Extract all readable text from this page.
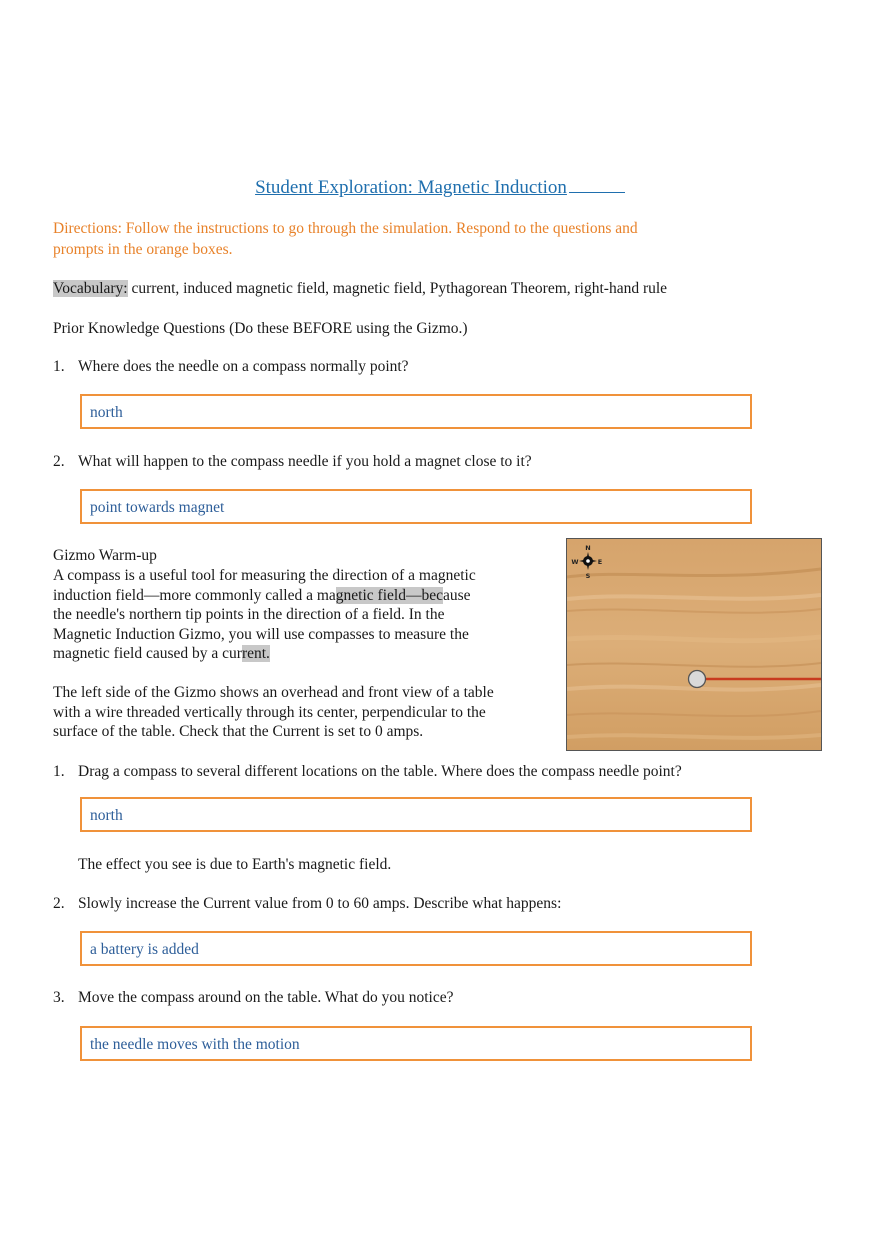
Student Exploration: Magnetic Induction
Directions: Follow the instructions to go through the simulation. Respond to the questions and prompts in the orange boxes.
Vocabulary: current, induced magnetic field, magnetic field, Pythagorean Theorem, right-hand rule
Prior Knowledge Questions (Do these BEFORE using the Gizmo.)
1. Where does the needle on a compass normally point?
north
2. What will happen to the compass needle if you hold a magnet close to it?
point towards magnet
Gizmo Warm-up
A compass is a useful tool for measuring the direction of a magnetic induction field—more commonly called a magnetic field—because the needle's northern tip points in the direction of a field. In the Magnetic Induction Gizmo, you will use compasses to measure the magnetic field caused by a current.
The left side of the Gizmo shows an overhead and front view of a table with a wire threaded vertically through its center, perpendicular to the surface of the table. Check that the Current is set to 0 amps.
N
S
E
W
1. Drag a compass to several different locations on the table. Where does the compass needle point?
north
The effect you see is due to Earth's magnetic field.
2. Slowly increase the Current value from 0 to 60 amps. Describe what happens:
a battery is added
3. Move the compass around on the table. What do you notice?
the needle moves with the motion
